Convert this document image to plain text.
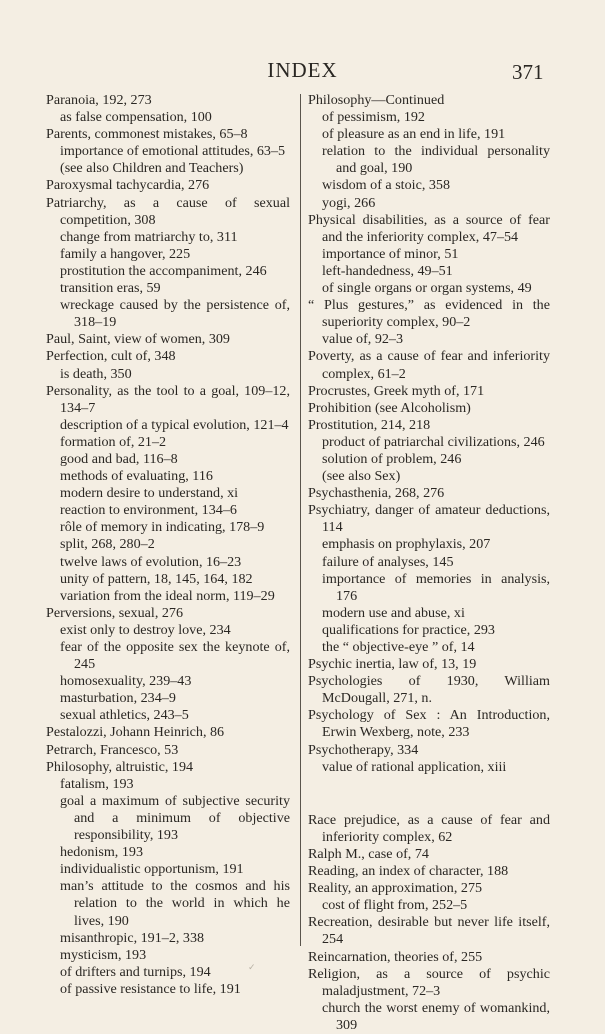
INDEX	371
Paranoia, 192, 273
as false compensation, 100
Parents, commonest mistakes, 65–8
importance of emotional attitudes, 63–5
(see also Children and Teachers)
Paroxysmal tachycardia, 276
Patriarchy, as a cause of sexual competition, 308
change from matriarchy to, 311
family a hangover, 225
prostitution the accompaniment, 246
transition eras, 59
wreckage caused by the persistence of, 318–19
Paul, Saint, view of women, 309
Perfection, cult of, 348
is death, 350
Personality, as the tool to a goal, 109–12, 134–7
description of a typical evolution, 121–4
formation of, 21–2
good and bad, 116–8
methods of evaluating, 116
modern desire to understand, xi
reaction to environment, 134–6
rôle of memory in indicating, 178–9
split, 268, 280–2
twelve laws of evolution, 16–23
unity of pattern, 18, 145, 164, 182
variation from the ideal norm, 119–29
Perversions, sexual, 276
exist only to destroy love, 234
fear of the opposite sex the keynote of, 245
homosexuality, 239–43
masturbation, 234–9
sexual athletics, 243–5
Pestalozzi, Johann Heinrich, 86
Petrarch, Francesco, 53
Philosophy, altruistic, 194
fatalism, 193
goal a maximum of subjective security and a minimum of objective responsibility, 193
hedonism, 193
individualistic opportunism, 191
man’s attitude to the cosmos and his relation to the world in which he lives, 190
misanthropic, 191–2, 338
mysticism, 193
of drifters and turnips, 194
of passive resistance to life, 191
Philosophy—Continued
of pessimism, 192
of pleasure as an end in life, 191
relation to the individual personality and goal, 190
wisdom of a stoic, 358
yogi, 266
Physical disabilities, as a source of fear and the inferiority complex, 47–54
importance of minor, 51
left-handedness, 49–51
of single organs or organ systems, 49
“ Plus gestures,” as evidenced in the superiority complex, 90–2
value of, 92–3
Poverty, as a cause of fear and inferiority complex, 61–2
Procrustes, Greek myth of, 171
Prohibition (see Alcoholism)
Prostitution, 214, 218
product of patriarchal civilizations, 246
solution of problem, 246
(see also Sex)
Psychasthenia, 268, 276
Psychiatry, danger of amateur deductions, 114
emphasis on prophylaxis, 207
failure of analyses, 145
importance of memories in analysis, 176
modern use and abuse, xi
qualifications for practice, 293
the “ objective-eye ” of, 14
Psychic inertia, law of, 13, 19
Psychologies of 1930, William McDougall, 271, n.
Psychology of Sex : An Introduction, Erwin Wexberg, note, 233
Psychotherapy, 334
value of rational application, xiii
Race prejudice, as a cause of fear and inferiority complex, 62
Ralph M., case of, 74
Reading, an index of character, 188
Reality, an approximation, 275
cost of flight from, 252–5
Recreation, desirable but never life itself, 254
Reincarnation, theories of, 255
Religion, as a source of psychic maladjustment, 72–3
church the worst enemy of womankind, 309
✓
